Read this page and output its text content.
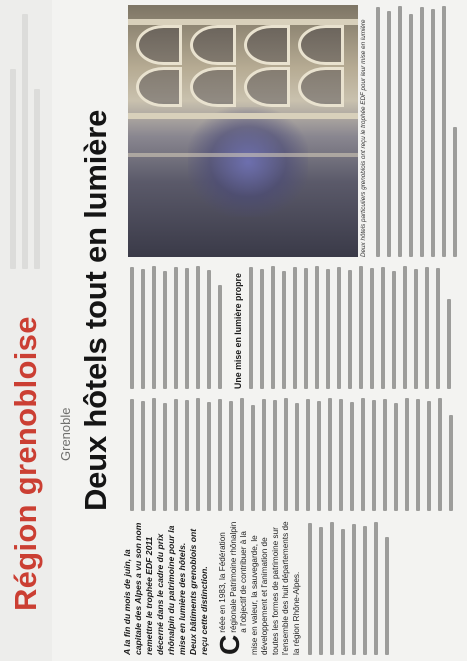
Région grenobloise	Grenoble Deux hôtels tout en lumière

A la fin du mois de juin, la capitale des Alpes a vu son nom remettre le trophée EDF 2011 décerné dans le cadre du prix rhônalpin du patrimoine pour la mise en lumière des hôtels. Deux bâtiments grenoblois ont reçu cette distinction. C
réée en 1983, la Fédération régionale Patrimoine rhônalpin a l'objectif de contribuer à la mise en valeur, la sauvegarde, le développement et l'animation de toutes les formes de patrimoine sur l'ensemble des huit départements de la région Rhône-Alpes.

Une mise en lumière propre

Deux hôtels particuliers grenoblois ont reçu le trophée EDF pour leur mise en lumière
